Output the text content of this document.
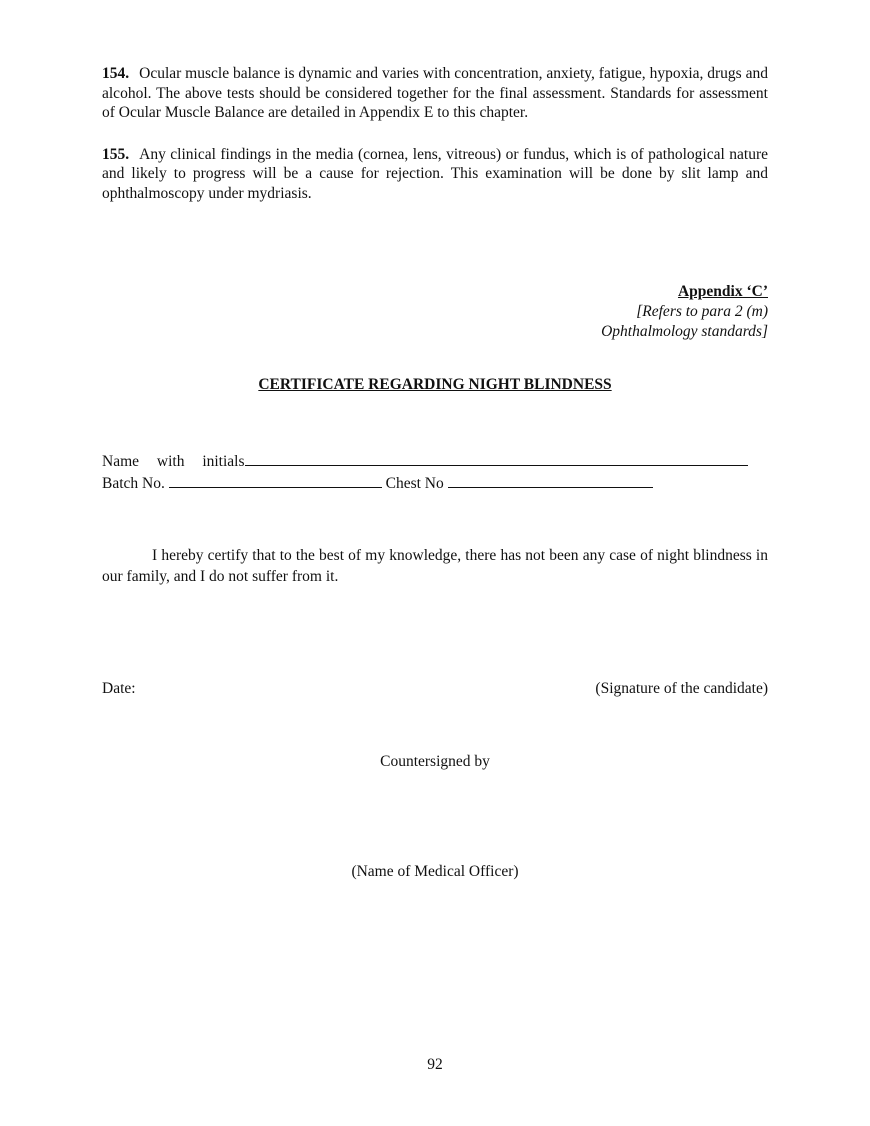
154. Ocular muscle balance is dynamic and varies with concentration, anxiety, fatigue, hypoxia, drugs and alcohol. The above tests should be considered together for the final assessment. Standards for assessment of Ocular Muscle Balance are detailed in Appendix E to this chapter.

155. Any clinical findings in the media (cornea, lens, vitreous) or fundus, which is of pathological nature and likely to progress will be a cause for rejection. This examination will be done by slit lamp and ophthalmoscopy under mydriasis.

Appendix ‘C’
[Refers to para 2 (m)
Ophthalmology standards]
CERTIFICATE REGARDING NIGHT BLINDNESS
Name with initials
Batch No.	Chest No

I hereby certify that to the best of my knowledge, there has not been any case of night blindness in our family, and I do not suffer from it.

Date:	(Signature of the candidate)
Countersigned by
(Name of Medical Officer)
92
